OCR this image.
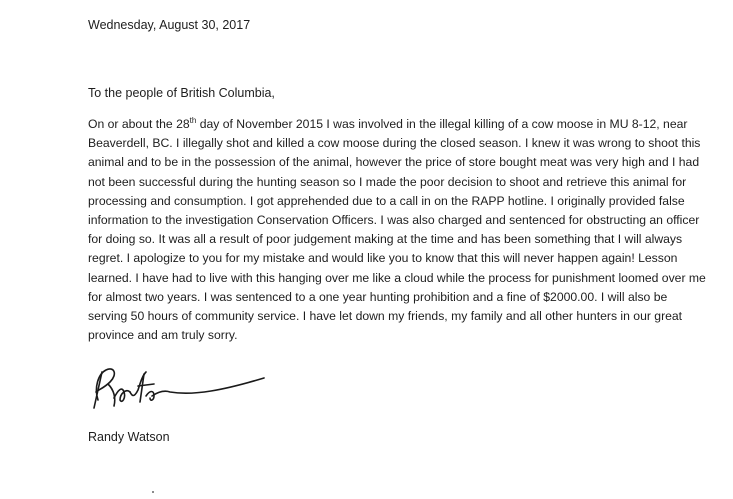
Wednesday, August 30, 2017
To the people of British Columbia,
On or about the 28th day of November 2015 I was involved in the illegal killing of a cow moose in MU 8-12, near Beaverdell, BC. I illegally shot and killed a cow moose during the closed season. I knew it was wrong to shoot this animal and to be in the possession of the animal, however the price of store bought meat was very high and I had not been successful during the hunting season so I made the poor decision to shoot and retrieve this animal for processing and consumption. I got apprehended due to a call in on the RAPP hotline. I originally provided false information to the investigation Conservation Officers. I was also charged and sentenced for obstructing an officer for doing so. It was all a result of poor judgement making at the time and has been something that I will always regret. I apologize to you for my mistake and would like you to know that this will never happen again! Lesson learned. I have had to live with this hanging over me like a cloud while the process for punishment loomed over me for almost two years. I was sentenced to a one year hunting prohibition and a fine of $2000.00. I will also be serving 50 hours of community service. I have let down my friends, my family and all other hunters in our great province and am truly sorry.
Randy Watson
